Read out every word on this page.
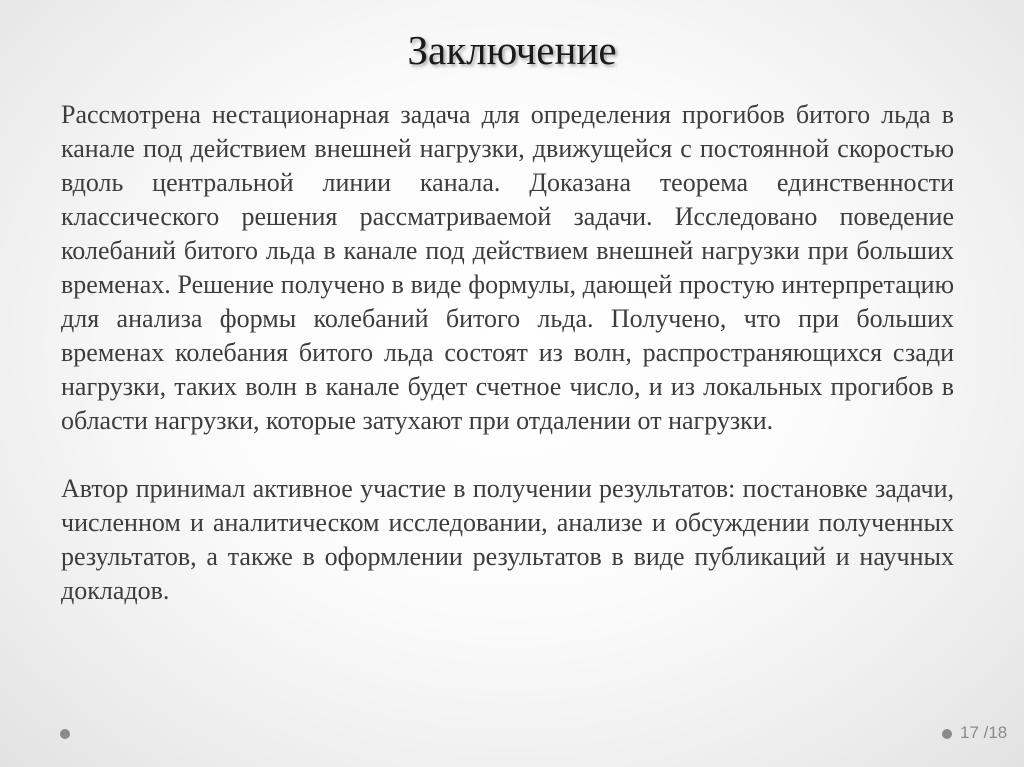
Заключение

Рассмотрена нестационарная задача для определения прогибов битого льда в канале под действием внешней нагрузки, движущейся с постоянной скоростью вдоль центральной линии канала. Доказана теорема единственности классического решения рассматриваемой задачи. Исследовано поведение колебаний битого льда в канале под действием внешней нагрузки при больших временах. Решение получено в виде формулы, дающей простую интерпретацию для анализа формы колебаний битого льда. Получено, что при больших временах колебания битого льда состоят из волн, распространяющихся сзади нагрузки, таких волн в канале будет счетное число, и из локальных прогибов в области нагрузки, которые затухают при отдалении от нагрузки.

Автор принимал активное участие в получении результатов: постановке задачи, численном и аналитическом исследовании, анализе и обсуждении полученных результатов, а также в оформлении результатов в виде публикаций и научных докладов.

17 /18
